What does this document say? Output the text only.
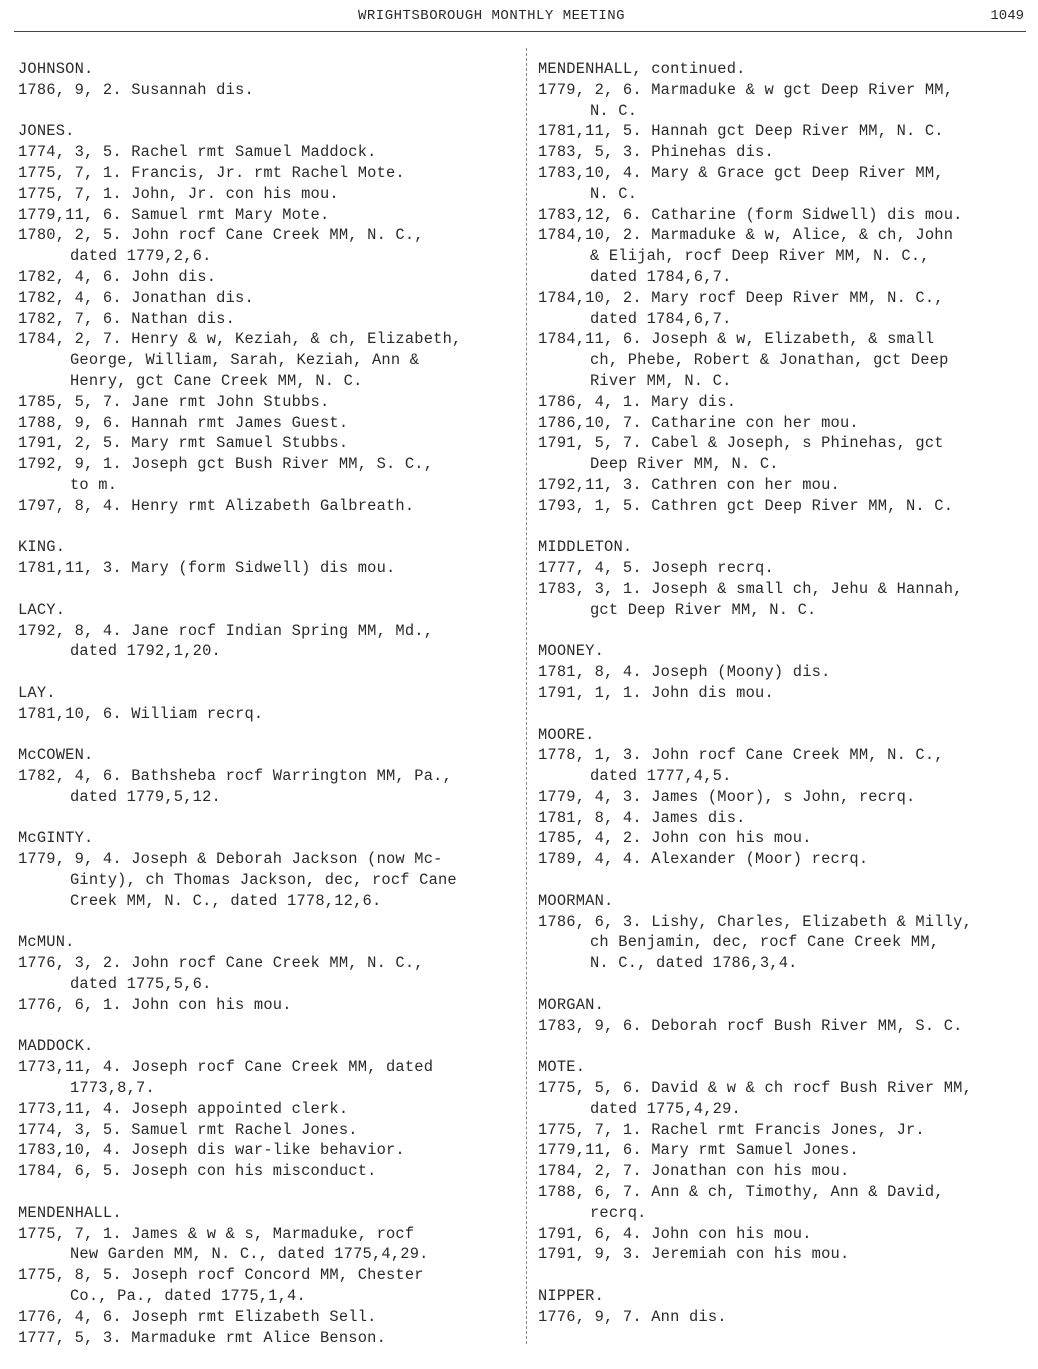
WRIGHTSBOROUGH MONTHLY MEETING	1049
JOHNSON.
1786, 9, 2. Susannah dis.
JONES.
1774, 3, 5. Rachel rmt Samuel Maddock.
1775, 7, 1. Francis, Jr. rmt Rachel Mote.
1775, 7, 1. John, Jr. con his mou.
1779,11, 6. Samuel rmt Mary Mote.
1780, 2, 5. John rocf Cane Creek MM, N. C.,
dated 1779,2,6.
1782, 4, 6. John dis.
1782, 4, 6. Jonathan dis.
1782, 7, 6. Nathan dis.
1784, 2, 7. Henry & w, Keziah, & ch, Elizabeth,
George, William, Sarah, Keziah, Ann &
Henry, gct Cane Creek MM, N. C.
1785, 5, 7. Jane rmt John Stubbs.
1788, 9, 6. Hannah rmt James Guest.
1791, 2, 5. Mary rmt Samuel Stubbs.
1792, 9, 1. Joseph gct Bush River MM, S. C.,
to m.
1797, 8, 4. Henry rmt Alizabeth Galbreath.
KING.
1781,11, 3. Mary (form Sidwell) dis mou.
LACY.
1792, 8, 4. Jane rocf Indian Spring MM, Md.,
dated 1792,1,20.
LAY.
1781,10, 6. William recrq.
McCOWEN.
1782, 4, 6. Bathsheba rocf Warrington MM, Pa.,
dated 1779,5,12.
McGINTY.
1779, 9, 4. Joseph & Deborah Jackson (now Mc-
Ginty), ch Thomas Jackson, dec, rocf Cane
Creek MM, N. C., dated 1778,12,6.
McMUN.
1776, 3, 2. John rocf Cane Creek MM, N. C.,
dated 1775,5,6.
1776, 6, 1. John con his mou.
MADDOCK.
1773,11, 4. Joseph rocf Cane Creek MM, dated
1773,8,7.
1773,11, 4. Joseph appointed clerk.
1774, 3, 5. Samuel rmt Rachel Jones.
1783,10, 4. Joseph dis war-like behavior.
1784, 6, 5. Joseph con his misconduct.
MENDENHALL.
1775, 7, 1. James & w & s, Marmaduke, rocf
New Garden MM, N. C., dated 1775,4,29.
1775, 8, 5. Joseph rocf Concord MM, Chester
Co., Pa., dated 1775,1,4.
1776, 4, 6. Joseph rmt Elizabeth Sell.
1777, 5, 3. Marmaduke rmt Alice Benson.
MENDENHALL, continued.
1779, 2, 6. Marmaduke & w gct Deep River MM,
N. C.
1781,11, 5. Hannah gct Deep River MM, N. C.
1783, 5, 3. Phinehas dis.
1783,10, 4. Mary & Grace gct Deep River MM,
N. C.
1783,12, 6. Catharine (form Sidwell) dis mou.
1784,10, 2. Marmaduke & w, Alice, & ch, John
& Elijah, rocf Deep River MM, N. C.,
dated 1784,6,7.
1784,10, 2. Mary rocf Deep River MM, N. C.,
dated 1784,6,7.
1784,11, 6. Joseph & w, Elizabeth, & small
ch, Phebe, Robert & Jonathan, gct Deep
River MM, N. C.
1786, 4, 1. Mary dis.
1786,10, 7. Catharine con her mou.
1791, 5, 7. Cabel & Joseph, s Phinehas, gct
Deep River MM, N. C.
1792,11, 3. Cathren con her mou.
1793, 1, 5. Cathren gct Deep River MM, N. C.
MIDDLETON.
1777, 4, 5. Joseph recrq.
1783, 3, 1. Joseph & small ch, Jehu & Hannah,
gct Deep River MM, N. C.
MOONEY.
1781, 8, 4. Joseph (Moony) dis.
1791, 1, 1. John dis mou.
MOORE.
1778, 1, 3. John rocf Cane Creek MM, N. C.,
dated 1777,4,5.
1779, 4, 3. James (Moor), s John, recrq.
1781, 8, 4. James dis.
1785, 4, 2. John con his mou.
1789, 4, 4. Alexander (Moor) recrq.
MOORMAN.
1786, 6, 3. Lishy, Charles, Elizabeth & Milly,
ch Benjamin, dec, rocf Cane Creek MM,
N. C., dated 1786,3,4.
MORGAN.
1783, 9, 6. Deborah rocf Bush River MM, S. C.
MOTE.
1775, 5, 6. David & w & ch rocf Bush River MM,
dated 1775,4,29.
1775, 7, 1. Rachel rmt Francis Jones, Jr.
1779,11, 6. Mary rmt Samuel Jones.
1784, 2, 7. Jonathan con his mou.
1788, 6, 7. Ann & ch, Timothy, Ann & David,
recrq.
1791, 6, 4. John con his mou.
1791, 9, 3. Jeremiah con his mou.
NIPPER.
1776, 9, 7. Ann dis.
